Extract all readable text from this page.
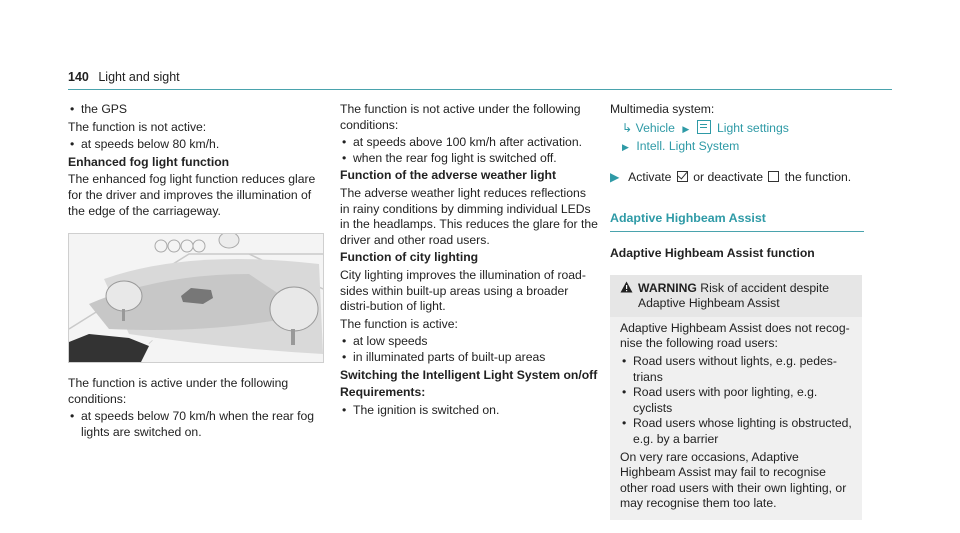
140 Light and sight
• the GPS

The function is not active:

• at speeds below 80 km/h.

Enhanced fog light function

The enhanced fog light function reduces glare for the driver and improves the illumination of the edge of the carriageway.

The function is active under the following conditions:

• at speeds below 70 km/h when the rear fog lights are switched on.

The function is not active under the following conditions:

• at speeds above 100 km/h after activation.
• when the rear fog light is switched off.

Function of the adverse weather light

The adverse weather light reduces reflections in rainy conditions by dimming individual LEDs in the headlamps. This reduces the glare for the driver and other road users.

Function of city lighting

City lighting improves the illumination of road-sides within built-up areas using a broader distri-bution of light.

The function is active:

• at low speeds
• in illuminated parts of built-up areas

Switching the Intelligent Light System on/off

Requirements:

• The ignition is switched on.

Multimedia system:

↳ Vehicle ▶ Light settings

▶ Intell. Light System

▶ Activate or deactivate the function.

Adaptive Highbeam Assist
Adaptive Highbeam Assist function
WARNING Risk of accident despite Adaptive Highbeam Assist

Adaptive Highbeam Assist does not recog-nise the following road users:

• Road users without lights, e.g. pedes-trians
• Road users with poor lighting, e.g. cyclists
• Road users whose lighting is obstructed, e.g. by a barrier

On very rare occasions, Adaptive Highbeam Assist may fail to recognise other road users with their own lighting, or may recognise them too late.
